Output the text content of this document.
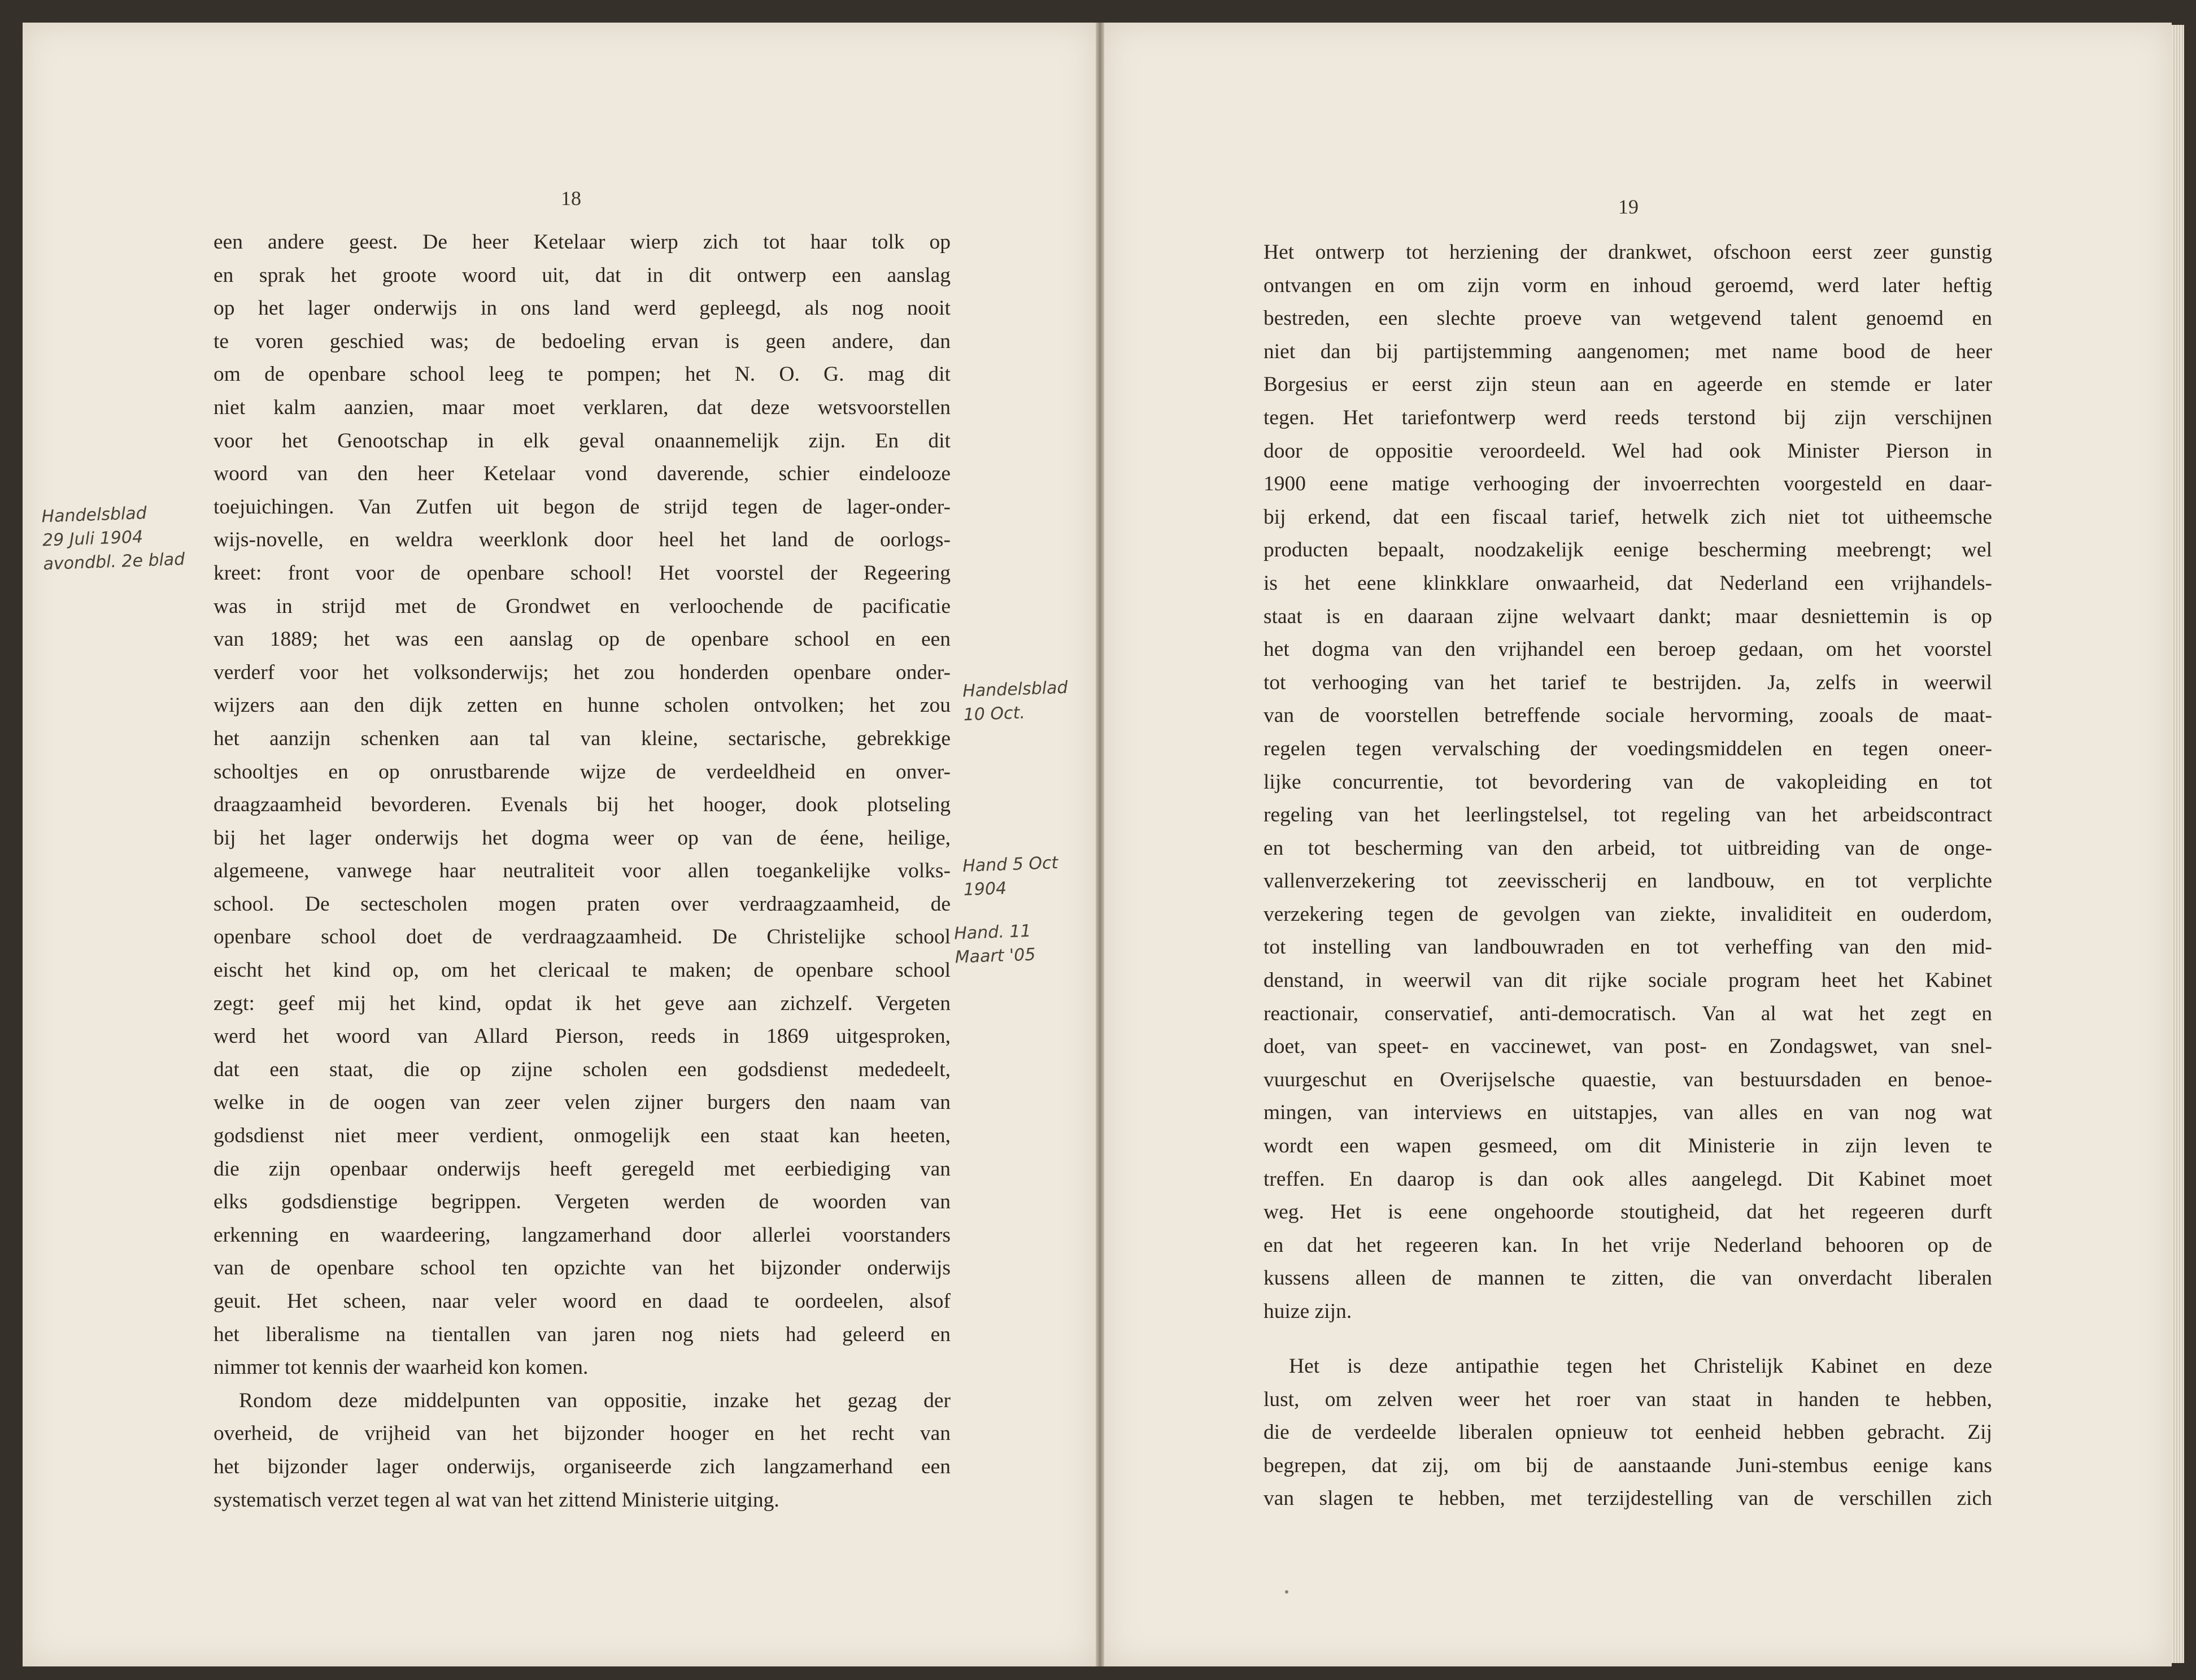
18	19
een andere geest. De heer Ketelaar wierp zich tot haar tolk op
en sprak het groote woord uit, dat in dit ontwerp een aanslag
op het lager onderwijs in ons land werd gepleegd, als nog nooit
te voren geschied was; de bedoeling ervan is geen andere, dan
om de openbare school leeg te pompen; het N. O. G. mag dit
niet kalm aanzien, maar moet verklaren, dat deze wetsvoorstellen
voor het Genootschap in elk geval onaannemelijk zijn. En dit
woord van den heer Ketelaar vond daverende, schier eindelooze
toejuichingen. Van Zutfen uit begon de strijd tegen de lager-onder-
wijs-novelle, en weldra weerklonk door heel het land de oorlogs-
kreet: front voor de openbare school! Het voorstel der Regeering
was in strijd met de Grondwet en verloochende de pacificatie
van 1889; het was een aanslag op de openbare school en een
verderf voor het volksonderwijs; het zou honderden openbare onder-
wijzers aan den dijk zetten en hunne scholen ontvolken; het zou
het aanzijn schenken aan tal van kleine, sectarische, gebrekkige
schooltjes en op onrustbarende wijze de verdeeldheid en onver-
draagzaamheid bevorderen. Evenals bij het hooger, dook plotseling
bij het lager onderwijs het dogma weer op van de éene, heilige,
algemeene, vanwege haar neutraliteit voor allen toegankelijke volks-
school. De sectescholen mogen praten over verdraagzaamheid, de
openbare school doet de verdraagzaamheid. De Christelijke school
eischt het kind op, om het clericaal te maken; de openbare school
zegt: geef mij het kind, opdat ik het geve aan zichzelf. Vergeten
werd het woord van Allard Pierson, reeds in 1869 uitgesproken,
dat een staat, die op zijne scholen een godsdienst mededeelt,
welke in de oogen van zeer velen zijner burgers den naam van
godsdienst niet meer verdient, onmogelijk een staat kan heeten,
die zijn openbaar onderwijs heeft geregeld met eerbiediging van
elks godsdienstige begrippen. Vergeten werden de woorden van
erkenning en waardeering, langzamerhand door allerlei voorstanders
van de openbare school ten opzichte van het bijzonder onderwijs
geuit. Het scheen, naar veler woord en daad te oordeelen, alsof
het liberalisme na tientallen van jaren nog niets had geleerd en
nimmer tot kennis der waarheid kon komen.
Rondom deze middelpunten van oppositie, inzake het gezag der
overheid, de vrijheid van het bijzonder hooger en het recht van
het bijzonder lager onderwijs, organiseerde zich langzamerhand een
systematisch verzet tegen al wat van het zittend Ministerie uitging.
Het ontwerp tot herziening der drankwet, ofschoon eerst zeer gunstig
ontvangen en om zijn vorm en inhoud geroemd, werd later heftig
bestreden, een slechte proeve van wetgevend talent genoemd en
niet dan bij partijstemming aangenomen; met name bood de heer
Borgesius er eerst zijn steun aan en ageerde en stemde er later
tegen. Het tariefontwerp werd reeds terstond bij zijn verschijnen
door de oppositie veroordeeld. Wel had ook Minister Pierson in
1900 eene matige verhooging der invoerrechten voorgesteld en daar-
bij erkend, dat een fiscaal tarief, hetwelk zich niet tot uitheemsche
producten bepaalt, noodzakelijk eenige bescherming meebrengt; wel
is het eene klinkklare onwaarheid, dat Nederland een vrijhandels-
staat is en daaraan zijne welvaart dankt; maar desniettemin is op
het dogma van den vrijhandel een beroep gedaan, om het voorstel
tot verhooging van het tarief te bestrijden. Ja, zelfs in weerwil
van de voorstellen betreffende sociale hervorming, zooals de maat-
regelen tegen vervalsching der voedingsmiddelen en tegen oneer-
lijke concurrentie, tot bevordering van de vakopleiding en tot
regeling van het leerlingstelsel, tot regeling van het arbeidscontract
en tot bescherming van den arbeid, tot uitbreiding van de onge-
vallenverzekering tot zeevisscherij en landbouw, en tot verplichte
verzekering tegen de gevolgen van ziekte, invaliditeit en ouderdom,
tot instelling van landbouwraden en tot verheffing van den mid-
denstand, in weerwil van dit rijke sociale program heet het Kabinet
reactionair, conservatief, anti-democratisch. Van al wat het zegt en
doet, van speet- en vaccinewet, van post- en Zondagswet, van snel-
vuurgeschut en Overijselsche quaestie, van bestuursdaden en benoe-
mingen, van interviews en uitstapjes, van alles en van nog wat
wordt een wapen gesmeed, om dit Ministerie in zijn leven te
treffen. En daarop is dan ook alles aangelegd. Dit Kabinet moet
weg. Het is eene ongehoorde stoutigheid, dat het regeeren durft
en dat het regeeren kan. In het vrije Nederland behooren op de
kussens alleen de mannen te zitten, die van onverdacht liberalen
huize zijn.
Het is deze antipathie tegen het Christelijk Kabinet en deze
lust, om zelven weer het roer van staat in handen te hebben,
die de verdeelde liberalen opnieuw tot eenheid hebben gebracht. Zij
begrepen, dat zij, om bij de aanstaande Juni-stembus eenige kans
van slagen te hebben, met terzijdestelling van de verschillen zich
Handelsblad
29 Juli 1904
avondbl. 2e blad
Handelsblad
10 Oct.
Hand 5 Oct
1904
Hand. 11
Maart '05
